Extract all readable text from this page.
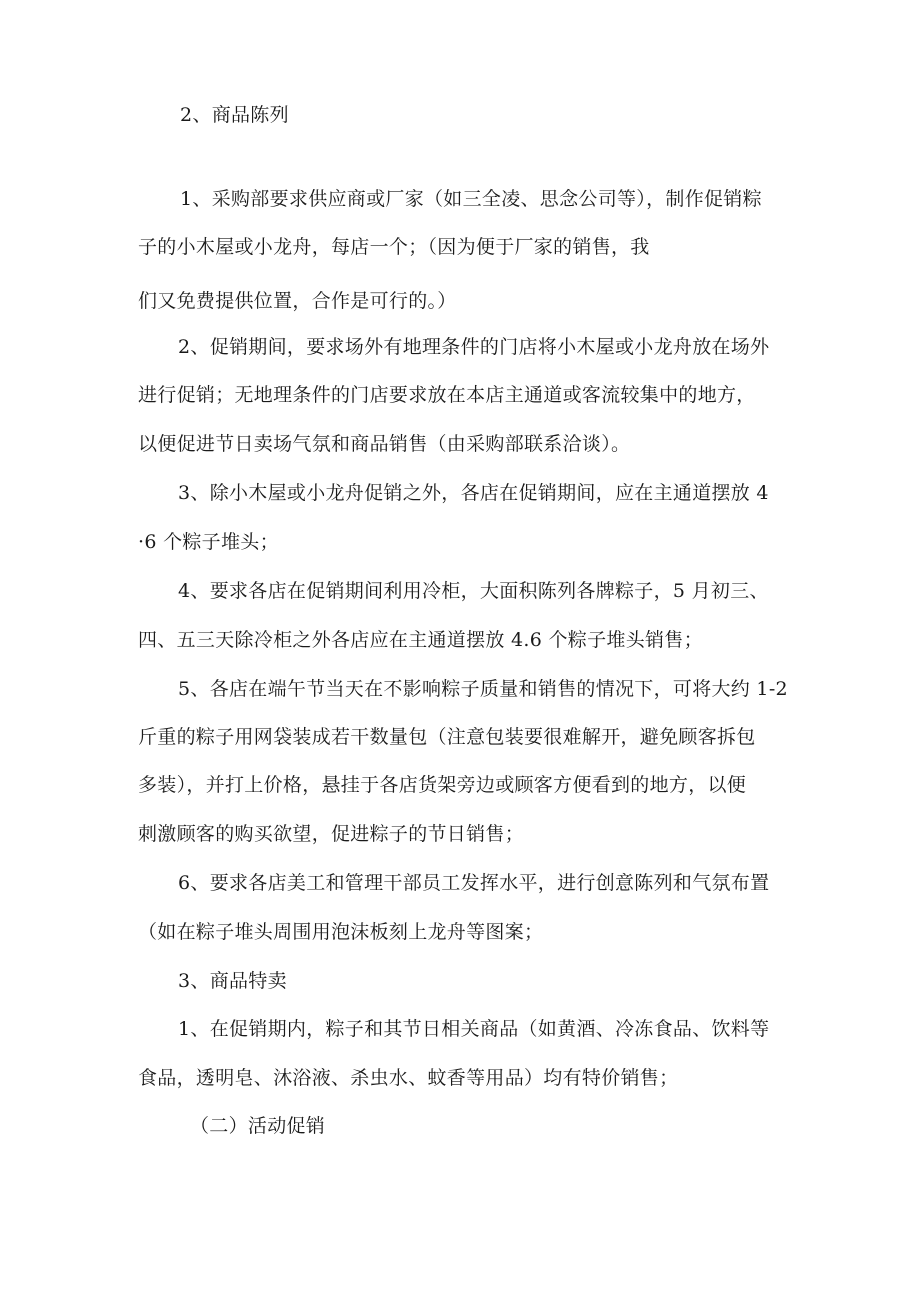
2、商品陈列
1、采购部要求供应商或厂家（如三全凌、思念公司等），制作促销粽
子的小木屋或小龙舟，每店一个；（因为便于厂家的销售，我
们又免费提供位置，合作是可行的。）
2、促销期间，要求场外有地理条件的门店将小木屋或小龙舟放在场外
进行促销；无地理条件的门店要求放在本店主通道或客流较集中的地方，
以便促进节日卖场气氛和商品销售（由采购部联系洽谈）。
3、除小木屋或小龙舟促销之外，各店在促销期间，应在主通道摆放 4
·6 个粽子堆头；
4、要求各店在促销期间利用冷柜，大面积陈列各牌粽子，5 月初三、
四、五三天除冷柜之外各店应在主通道摆放 4.6 个粽子堆头销售；
5、各店在端午节当天在不影响粽子质量和销售的情况下，可将大约 1-2
斤重的粽子用网袋装成若干数量包（注意包装要很难解开，避免顾客拆包
多装），并打上价格，悬挂于各店货架旁边或顾客方便看到的地方，以便
刺激顾客的购买欲望，促进粽子的节日销售；
6、要求各店美工和管理干部员工发挥水平，进行创意陈列和气氛布置
（如在粽子堆头周围用泡沫板刻上龙舟等图案；
3、商品特卖
1、在促销期内，粽子和其节日相关商品（如黄酒、冷冻食品、饮料等
食品，透明皂、沐浴液、杀虫水、蚊香等用品）均有特价销售；
（二）活动促销
